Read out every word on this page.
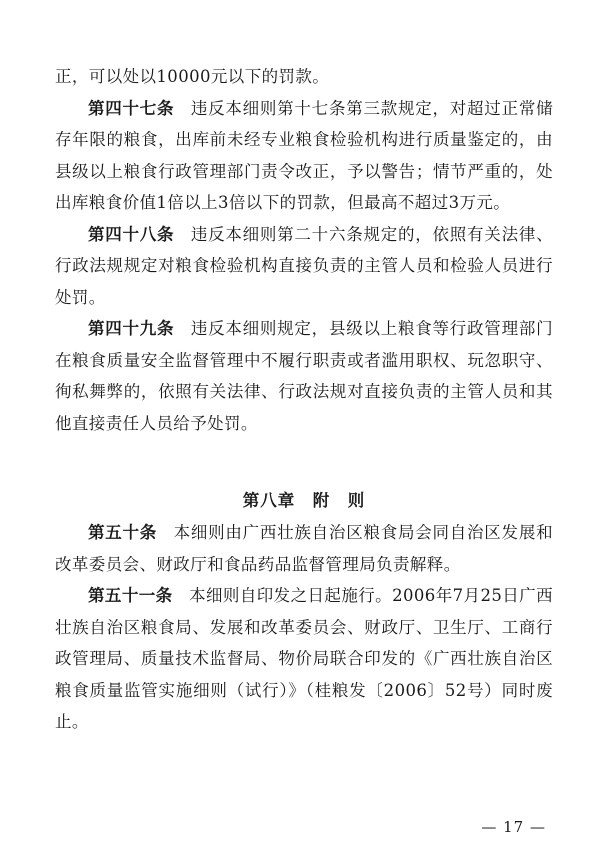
正，可以处以10000元以下的罚款。

第四十七条 违反本细则第十七条第三款规定，对超过正常储存年限的粮食，出库前未经专业粮食检验机构进行质量鉴定的，由县级以上粮食行政管理部门责令改正，予以警告；情节严重的，处出库粮食价值1倍以上3倍以下的罚款，但最高不超过3万元。

第四十八条 违反本细则第二十六条规定的，依照有关法律、行政法规规定对粮食检验机构直接负责的主管人员和检验人员进行处罚。

第四十九条 违反本细则规定，县级以上粮食等行政管理部门在粮食质量安全监督管理中不履行职责或者滥用职权、玩忽职守、徇私舞弊的，依照有关法律、行政法规对直接负责的主管人员和其他直接责任人员给予处罚。

第八章　附　则

第五十条 本细则由广西壮族自治区粮食局会同自治区发展和改革委员会、财政厅和食品药品监督管理局负责解释。

第五十一条 本细则自印发之日起施行。2006年7月25日广西壮族自治区粮食局、发展和改革委员会、财政厅、卫生厅、工商行政管理局、质量技术监督局、物价局联合印发的《广西壮族自治区粮食质量监管实施细则（试行）》（桂粮发〔2006〕52号）同时废止。

— 17 —
